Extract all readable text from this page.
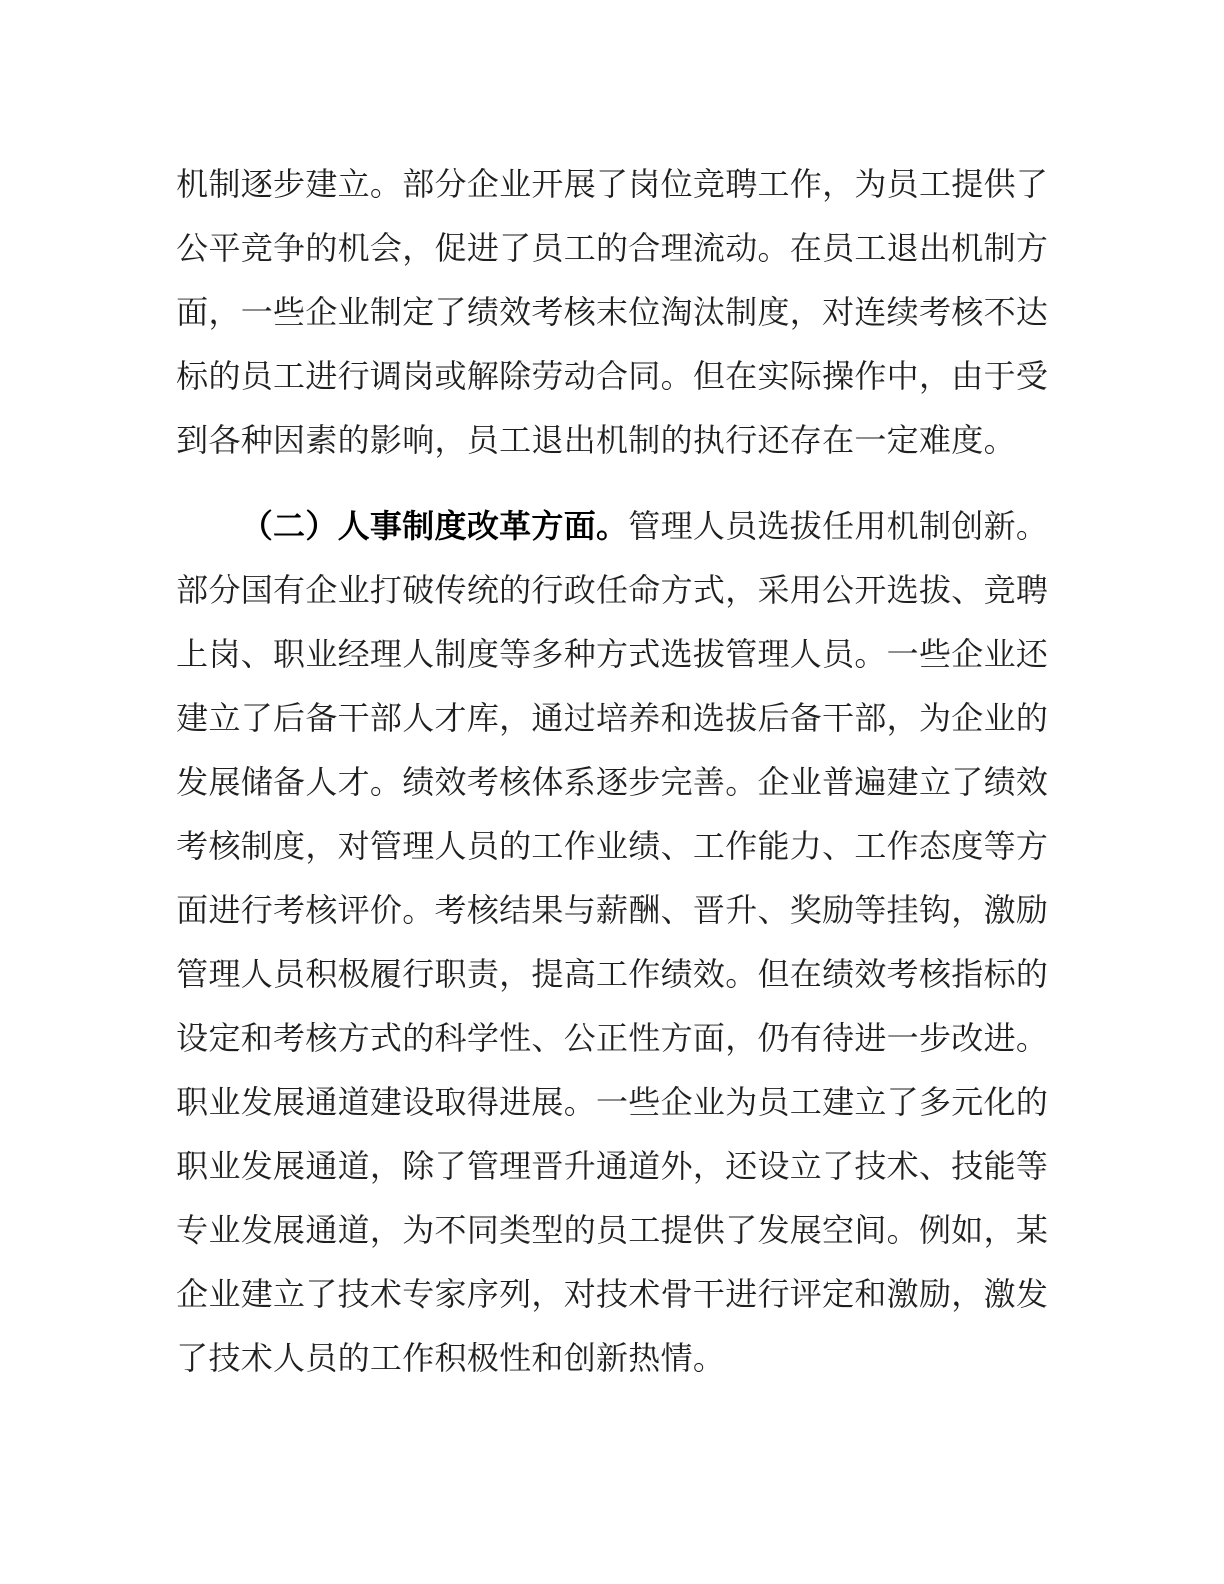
机 制 逐 步 建 立 。 部 分 企 业 开 展 了 岗 位 竞 聘 工 作 ， 为 员 工 提 供 了
公 平 竞 争 的 机 会 ， 促 进 了 员 工 的 合 理 流 动 。 在 员 工 退 出 机 制 方
面 ， 一 些 企 业 制 定 了 绩 效 考 核 末 位 淘 汰 制 度 ， 对 连 续 考 核 不 达
标 的 员 工 进 行 调 岗 或 解 除 劳 动 合 同 。 但 在 实 际 操 作 中 ， 由 于 受
到 各 种 因 素 的 影 响 ， 员 工 退 出 机 制 的 执 行 还 存 在 一 定 难 度 。
（ 二 ） 人 事 制 度 改 革 方 面 。 管 理 人 员 选 拔 任 用 机 制 创 新 。
部 分 国 有 企 业 打 破 传 统 的 行 政 任 命 方 式 ， 采 用 公 开 选 拔 、 竞 聘
上 岗 、 职 业 经 理 人 制 度 等 多 种 方 式 选 拔 管 理 人 员 。 一 些 企 业 还
建 立 了 后 备 干 部 人 才 库 ， 通 过 培 养 和 选 拔 后 备 干 部 ， 为 企 业 的
发 展 储 备 人 才 。 绩 效 考 核 体 系 逐 步 完 善 。 企 业 普 遍 建 立 了 绩 效
考 核 制 度 ， 对 管 理 人 员 的 工 作 业 绩 、 工 作 能 力 、 工 作 态 度 等 方
面 进 行 考 核 评 价 。 考 核 结 果 与 薪 酬 、 晋 升 、 奖 励 等 挂 钩 ， 激 励
管 理 人 员 积 极 履 行 职 责 ， 提 高 工 作 绩 效 。 但 在 绩 效 考 核 指 标 的
设 定 和 考 核 方 式 的 科 学 性 、 公 正 性 方 面 ， 仍 有 待 进 一 步 改 进 。
职 业 发 展 通 道 建 设 取 得 进 展 。 一 些 企 业 为 员 工 建 立 了 多 元 化 的
职 业 发 展 通 道 ， 除 了 管 理 晋 升 通 道 外 ， 还 设 立 了 技 术 、 技 能 等
专 业 发 展 通 道 ， 为 不 同 类 型 的 员 工 提 供 了 发 展 空 间 。 例 如 ， 某
企 业 建 立 了 技 术 专 家 序 列 ， 对 技 术 骨 干 进 行 评 定 和 激 励 ， 激 发
了 技 术 人 员 的 工 作 积 极 性 和 创 新 热 情 。
